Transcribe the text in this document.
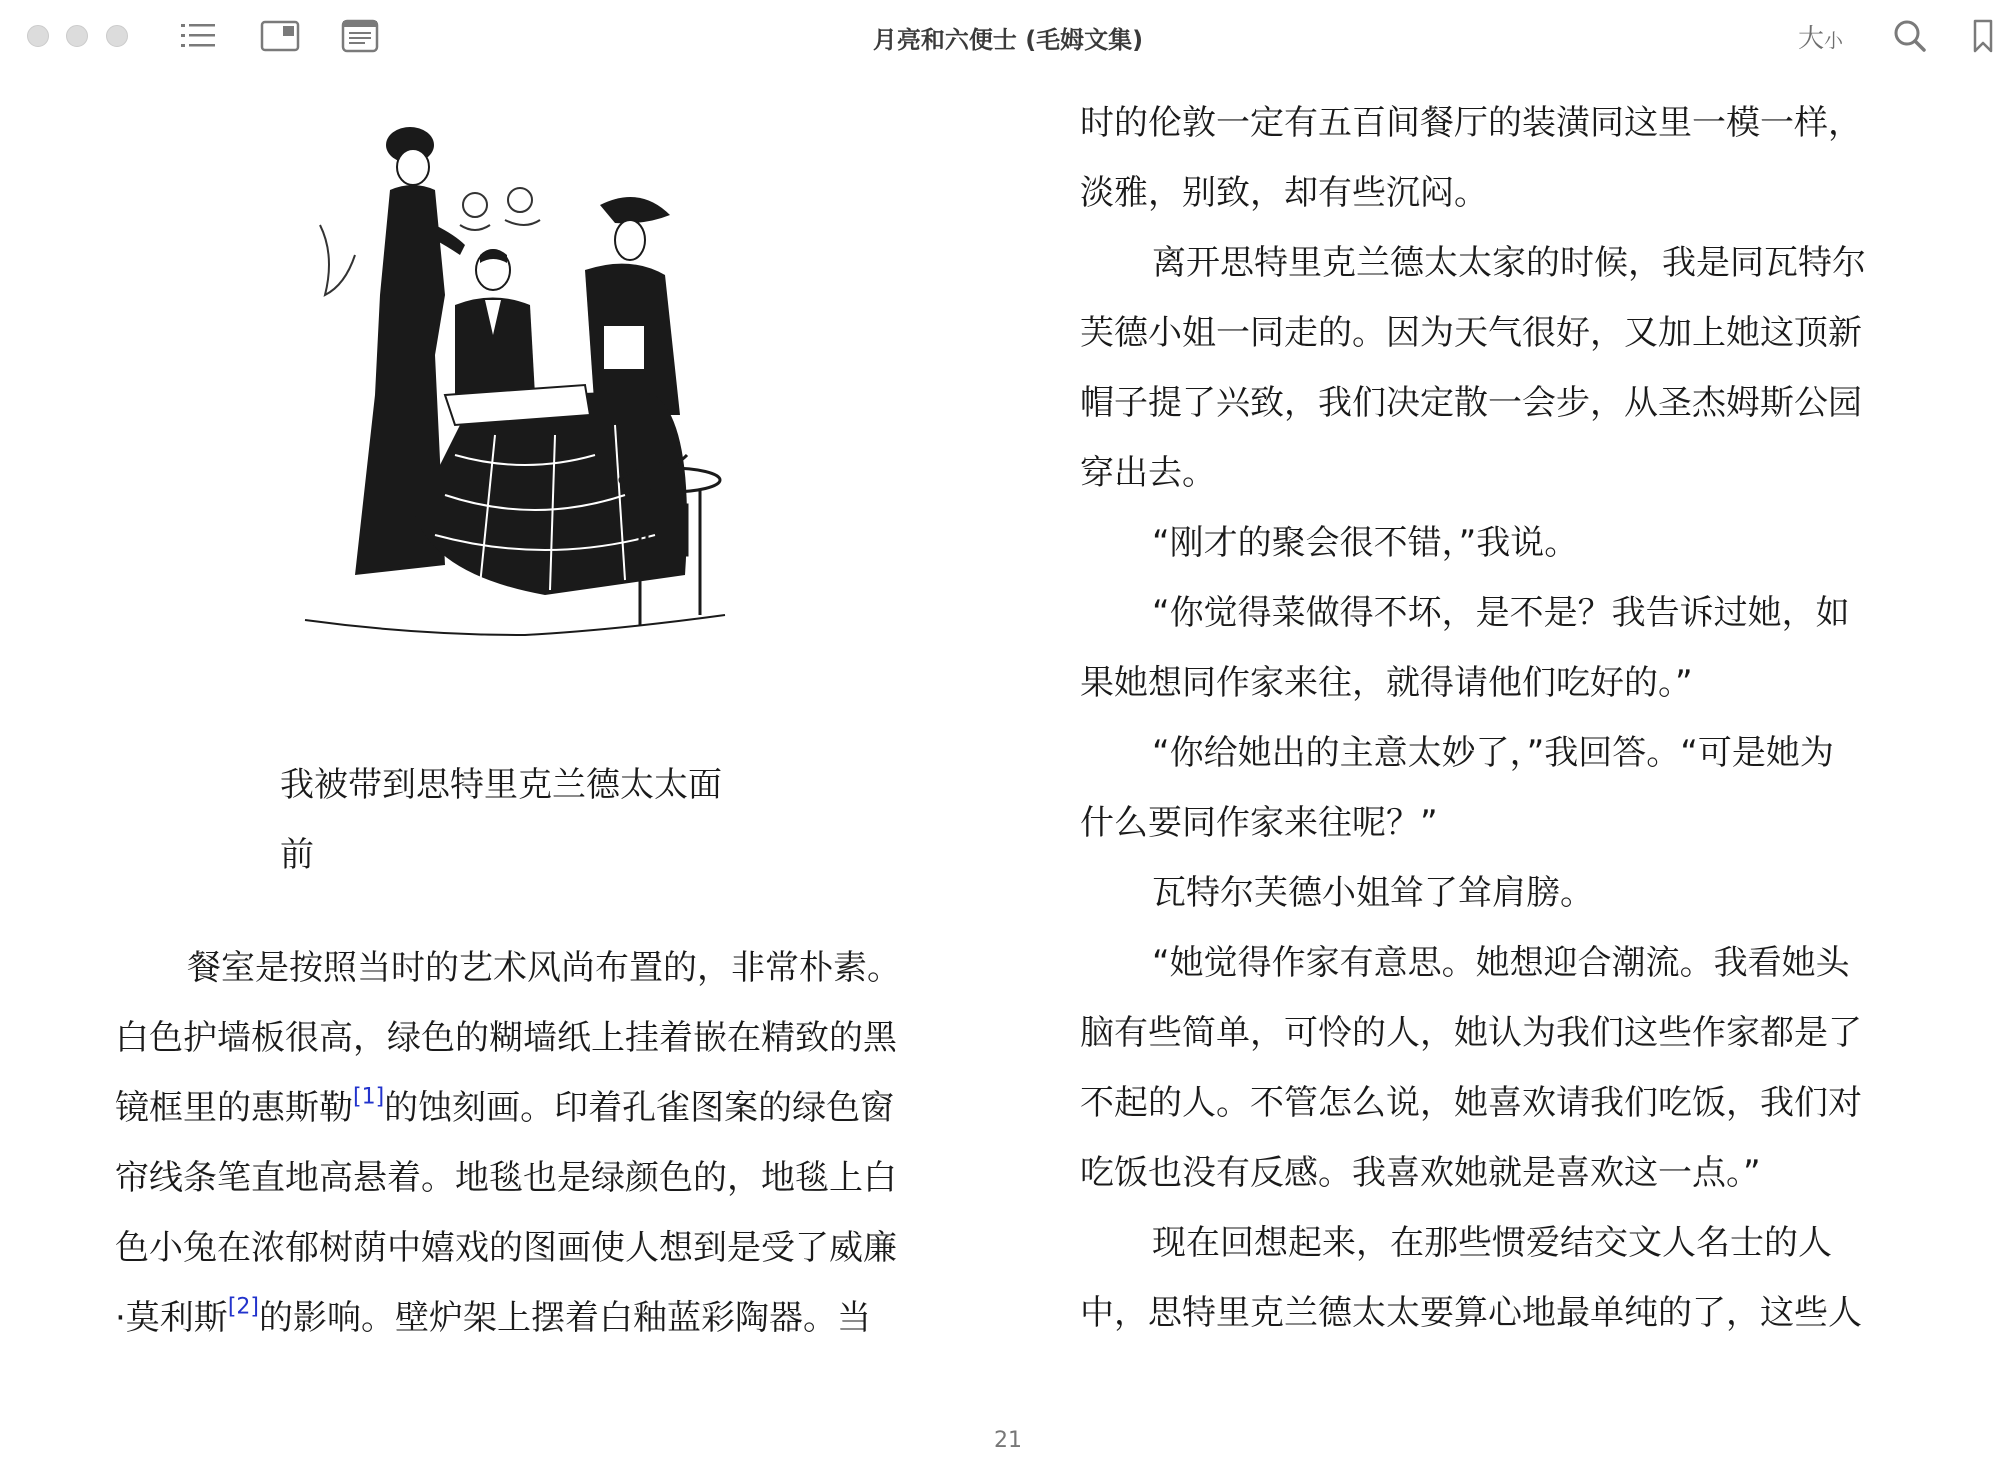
月亮和六便士 (毛姆文集)	大小
我被带到思特里克兰德太太面
前

餐室是按照当时的艺术风尚布置的，非常朴素。

白色护墙板很高，绿色的糊墙纸上挂着嵌在精致的黑

镜框里的惠斯勒[1]的蚀刻画。印着孔雀图案的绿色窗

帘线条笔直地高悬着。地毯也是绿颜色的，地毯上白

色小兔在浓郁树荫中嬉戏的图画使人想到是受了威廉

·莫利斯[2]的影响。壁炉架上摆着白釉蓝彩陶器。当

时的伦敦一定有五百间餐厅的装潢同这里一模一样，

淡雅，别致，却有些沉闷。

离开思特里克兰德太太家的时候，我是同瓦特尔

芙德小姐一同走的。因为天气很好，又加上她这顶新

帽子提了兴致，我们决定散一会步，从圣杰姆斯公园

穿出去。

“刚才的聚会很不错，”我说。

“你觉得菜做得不坏，是不是？我告诉过她，如

果她想同作家来往，就得请他们吃好的。”

“你给她出的主意太妙了，”我回答。“可是她为

什么要同作家来往呢？”

瓦特尔芙德小姐耸了耸肩膀。

“她觉得作家有意思。她想迎合潮流。我看她头

脑有些简单，可怜的人，她认为我们这些作家都是了

不起的人。不管怎么说，她喜欢请我们吃饭，我们对

吃饭也没有反感。我喜欢她就是喜欢这一点。”

现在回想起来，在那些惯爱结交文人名士的人

中，思特里克兰德太太要算心地最单纯的了，这些人

21
